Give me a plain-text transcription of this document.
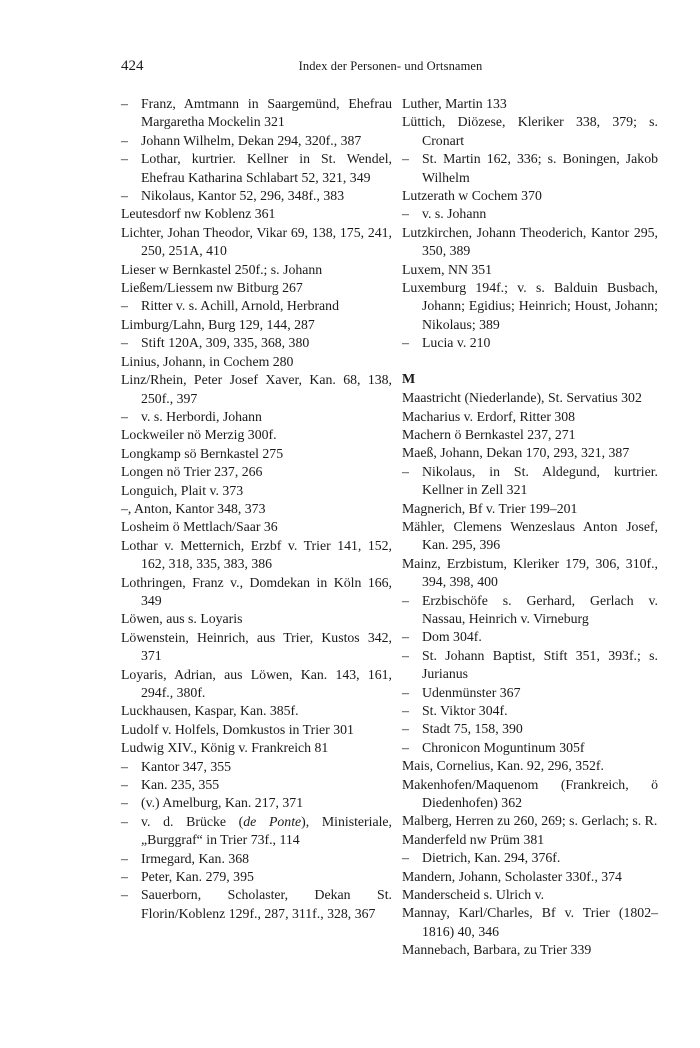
424	Index der Personen- und Ortsnamen

– Franz, Amtmann in Saargemünd, Ehefrau Margaretha Mockelin 321

– Johann Wilhelm, Dekan 294, 320f., 387

– Lothar, kurtrier. Kellner in St. Wendel, Ehefrau Katharina Schlabart 52, 321, 349

– Nikolaus, Kantor 52, 296, 348f., 383

Leutesdorf nw Koblenz 361

Lichter, Johan Theodor, Vikar 69, 138, 175, 241, 250, 251A, 410

Lieser w Bernkastel 250f.; s. Johann

Ließem/Liessem nw Bitburg 267

– Ritter v. s. Achill, Arnold, Herbrand

Limburg/Lahn, Burg 129, 144, 287

– Stift 120A, 309, 335, 368, 380

Linius, Johann, in Cochem 280

Linz/Rhein, Peter Josef Xaver, Kan. 68, 138, 250f., 397

– v. s. Herbordi, Johann

Lockweiler nö Merzig 300f.

Longkamp sö Bernkastel 275

Longen nö Trier 237, 266

Longuich, Plait v. 373

–, Anton, Kantor 348, 373

Losheim ö Mettlach/Saar 36

Lothar v. Metternich, Erzbf v. Trier 141, 152, 162, 318, 335, 383, 386

Lothringen, Franz v., Domdekan in Köln 166, 349

Löwen, aus s. Loyaris

Löwenstein, Heinrich, aus Trier, Kustos 342, 371

Loyaris, Adrian, aus Löwen, Kan. 143, 161, 294f., 380f.

Luckhausen, Kaspar, Kan. 385f.

Ludolf v. Holfels, Domkustos in Trier 301

Ludwig XIV., König v. Frankreich 81

– Kantor 347, 355

– Kan. 235, 355

– (v.) Amelburg, Kan. 217, 371

– v. d. Brücke (de Ponte), Ministeriale, „Burggraf“ in Trier 73f., 114

– Irmegard, Kan. 368

– Peter, Kan. 279, 395

– Sauerborn, Scholaster, Dekan St. Florin/Koblenz 129f., 287, 311f., 328, 367

Luther, Martin 133

Lüttich, Diözese, Kleriker 338, 379; s. Cronart

– St. Martin 162, 336; s. Boningen, Jakob Wilhelm

Lutzerath w Cochem 370

– v. s. Johann

Lutzkirchen, Johann Theoderich, Kantor 295, 350, 389

Luxem, NN 351

Luxemburg 194f.; v. s. Balduin Busbach, Johann; Egidius; Heinrich; Houst, Johann; Nikolaus; 389

– Lucia v. 210

M

Maastricht (Niederlande), St. Servatius 302

Macharius v. Erdorf, Ritter 308

Machern ö Bernkastel 237, 271

Maeß, Johann, Dekan 170, 293, 321, 387

– Nikolaus, in St. Aldegund, kurtrier. Kellner in Zell 321

Magnerich, Bf v. Trier 199–201

Mähler, Clemens Wenzeslaus Anton Josef, Kan. 295, 396

Mainz, Erzbistum, Kleriker 179, 306, 310f., 394, 398, 400

– Erzbischöfe s. Gerhard, Gerlach v. Nassau, Heinrich v. Virneburg

– Dom 304f.

– St. Johann Baptist, Stift 351, 393f.; s. Jurianus

– Udenmünster 367

– St. Viktor 304f.

– Stadt 75, 158, 390

– Chronicon Moguntinum 305f

Mais, Cornelius, Kan. 92, 296, 352f.

Makenhofen/Maquenom (Frankreich, ö Diedenhofen) 362

Malberg, Herren zu 260, 269; s. Gerlach; s. R.

Manderfeld nw Prüm 381

– Dietrich, Kan. 294, 376f.

Mandern, Johann, Scholaster 330f., 374

Manderscheid s. Ulrich v.

Mannay, Karl/Charles, Bf v. Trier (1802–1816) 40, 346

Mannebach, Barbara, zu Trier 339
